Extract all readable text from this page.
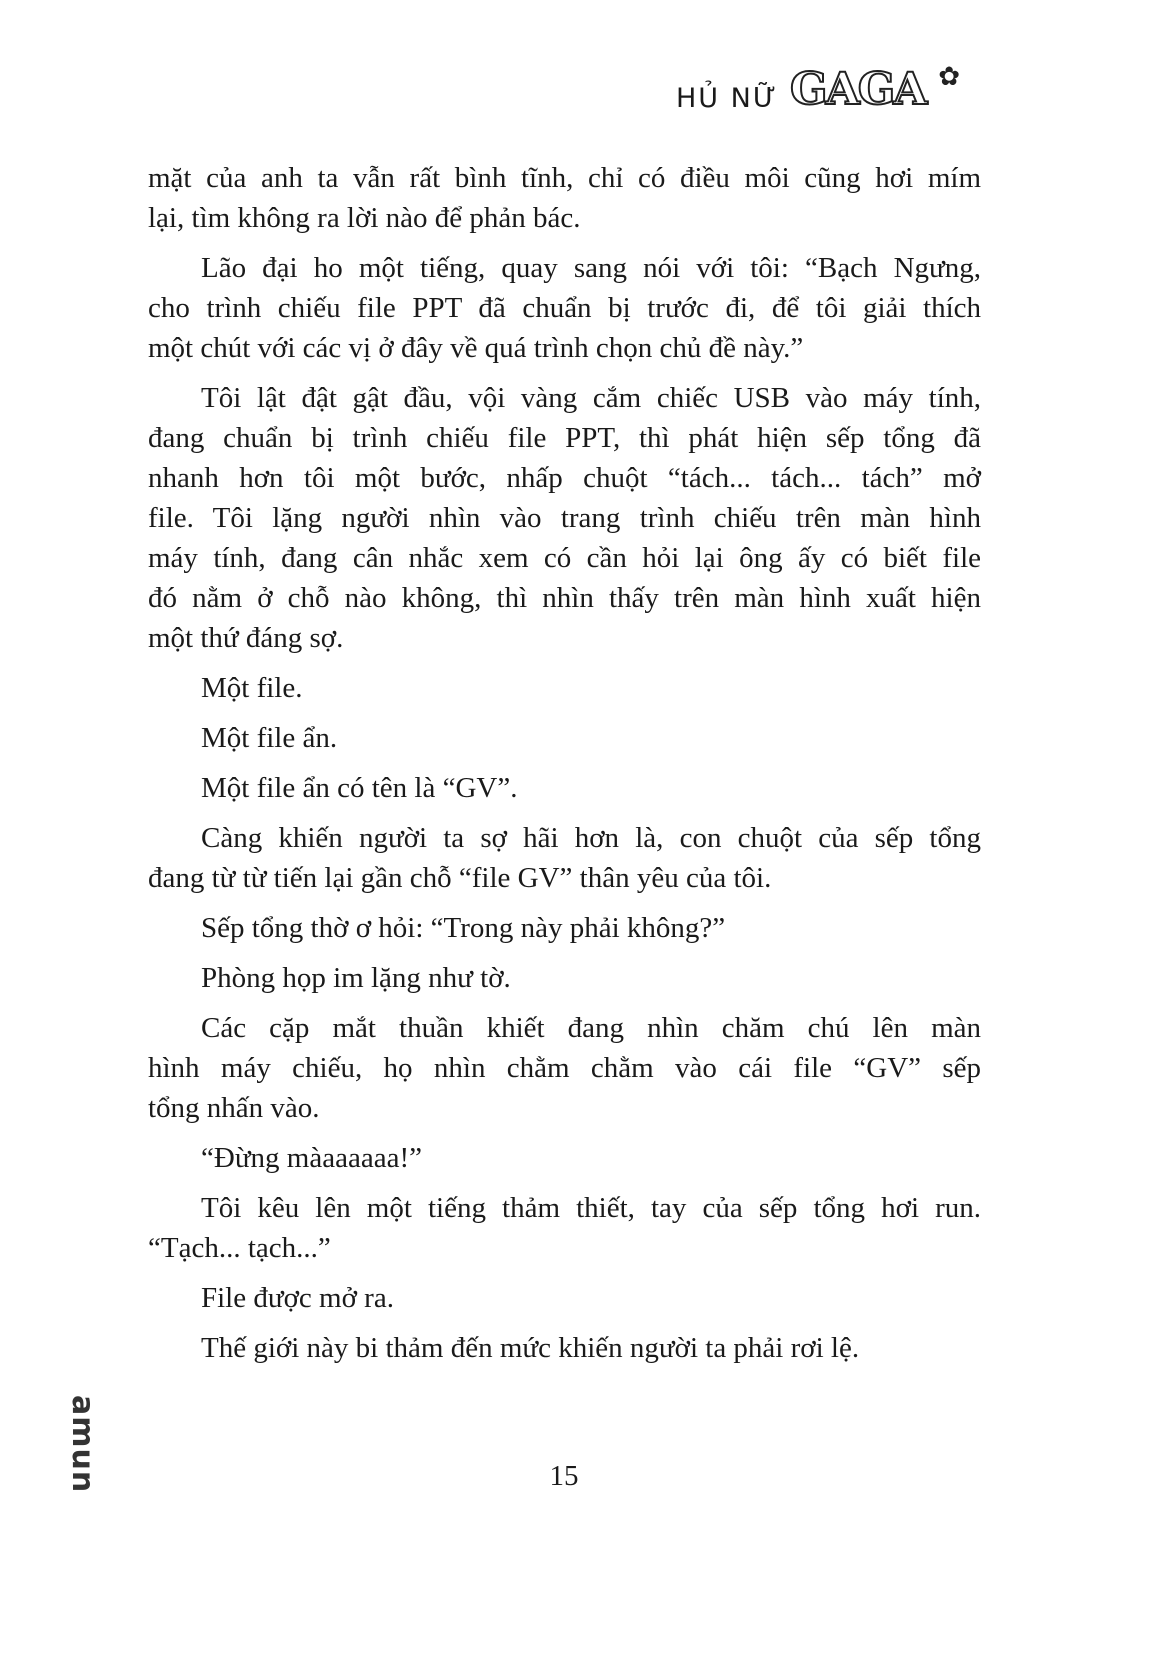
HỦ NỮ GAGA ✿
mặt của anh ta vẫn rất bình tĩnh, chỉ có điều môi cũng hơi mím
lại, tìm không ra lời nào để phản bác.
Lão đại ho một tiếng, quay sang nói với tôi: “Bạch Ngưng,
cho trình chiếu file PPT đã chuẩn bị trước đi, để tôi giải thích
một chút với các vị ở đây về quá trình chọn chủ đề này.”
Tôi lật đật gật đầu, vội vàng cắm chiếc USB vào máy tính,
đang chuẩn bị trình chiếu file PPT, thì phát hiện sếp tổng đã
nhanh hơn tôi một bước, nhấp chuột “tách... tách... tách” mở
file. Tôi lặng người nhìn vào trang trình chiếu trên màn hình
máy tính, đang cân nhắc xem có cần hỏi lại ông ấy có biết file
đó nằm ở chỗ nào không, thì nhìn thấy trên màn hình xuất hiện
một thứ đáng sợ.
Một file.
Một file ẩn.
Một file ẩn có tên là “GV”.
Càng khiến người ta sợ hãi hơn là, con chuột của sếp tổng
đang từ từ tiến lại gần chỗ “file GV” thân yêu của tôi.
Sếp tổng thờ ơ hỏi: “Trong này phải không?”
Phòng họp im lặng như tờ.
Các cặp mắt thuần khiết đang nhìn chăm chú lên màn
hình máy chiếu, họ nhìn chằm chằm vào cái file “GV” sếp
tổng nhấn vào.
“Đừng màaaaaaa!”
Tôi kêu lên một tiếng thảm thiết, tay của sếp tổng hơi run.
“Tạch... tạch...”
File được mở ra.
Thế giới này bi thảm đến mức khiến người ta phải rơi lệ.
amun	15
